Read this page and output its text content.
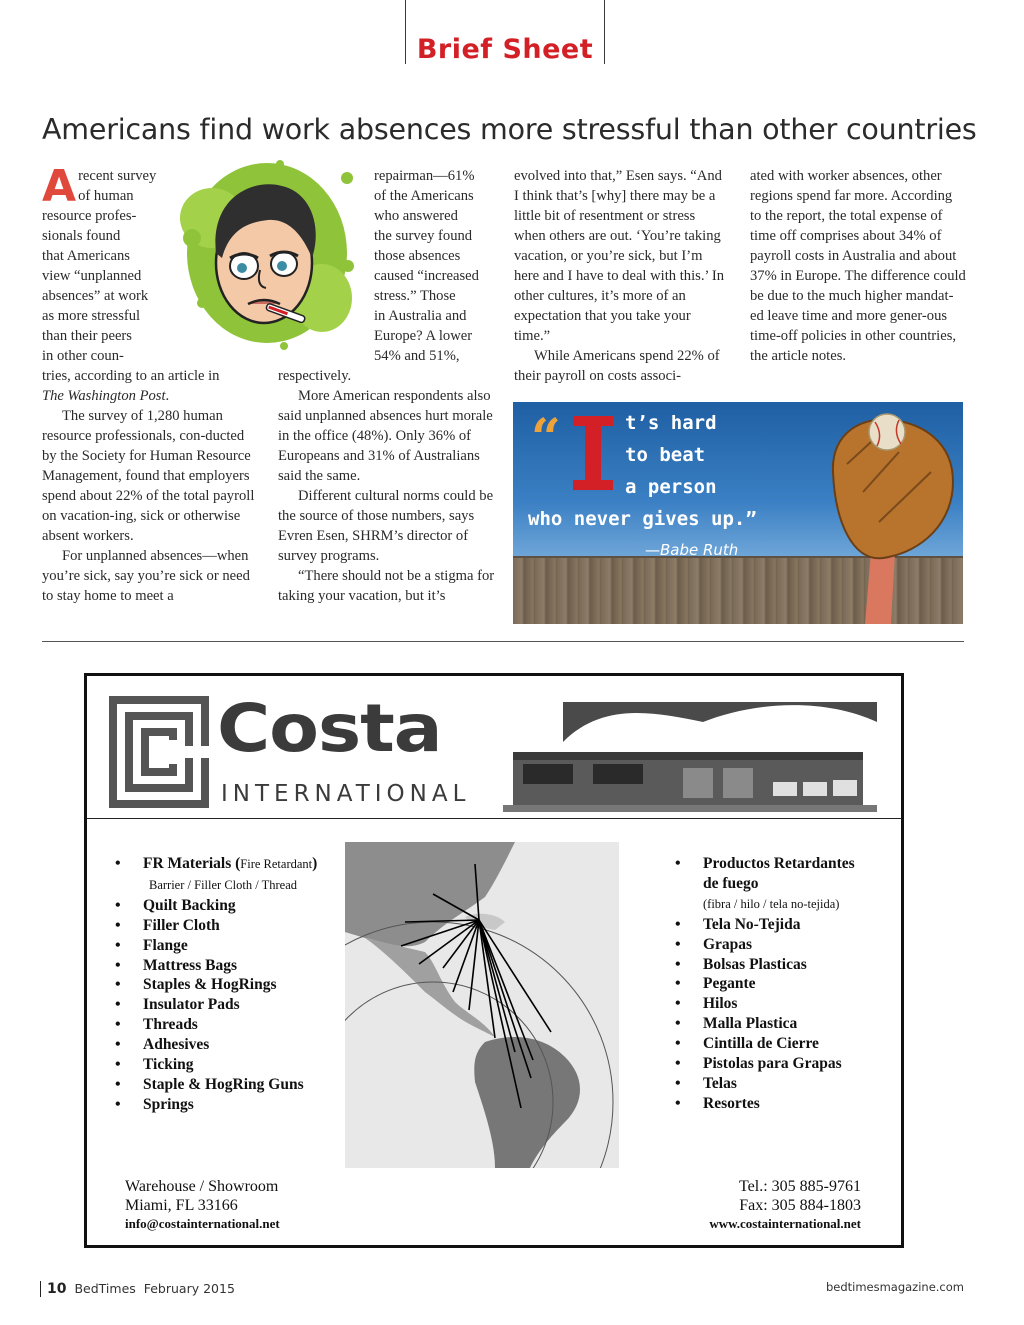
Brief Sheet
Americans find work absences more stressful than other countries
A recent survey
of human
resource profes-
sionals found
that Americans
view “unplanned
absences” at work
as more stressful
than their peers
in other coun-
tries, according to an article in
The Washington Post.

The survey of 1,280 human resource professionals, con-ducted by the Society for Human Resource Management, found that employers spend about 22% of the total payroll on vacation-ing, sick or otherwise absent workers.

For unplanned absences—when you’re sick, say you’re sick or need to stay home to meet a

repairman—61%
of the Americans
who answered
the survey found
those absences
caused “increased
stress.” Those
in Australia and
Europe? A lower
54% and 51%,
respectively.

More American respondents also said unplanned absences hurt morale in the office (48%). Only 36% of Europeans and 31% of Australians said the same.

Different cultural norms could be the source of those numbers, says Evren Esen, SHRM’s director of survey programs.

“There should not be a stigma for taking your vacation, but it’s

evolved into that,” Esen says. “And I think that’s [why] there may be a little bit of resentment or stress when others are out. ‘You’re taking vacation, or you’re sick, but I’m here and I have to deal with this.’ In other cultures, it’s more of an expectation that you take your time.”

While Americans spend 22% of their payroll on costs associ-

ated with worker absences, other regions spend far more. According to the report, the total expense of time off comprises about 34% of payroll costs in Australia and about 37% in Europe. The difference could be due to the much higher mandat-ed leave time and more gener-ous time-off policies in other countries, the article notes.

“	t’s hard
to beat
a person
who never gives up.”
—Babe Ruth
Costa
INTERNATIONAL
• FR Materials (Fire Retardant)
Barrier / Filler Cloth / Thread
• Quilt Backing
• Filler Cloth
• Flange
• Mattress Bags
• Staples & HogRings
• Insulator Pads
• Threads
• Adhesives
• Ticking
• Staple & HogRing Guns
• Springs
• Productos Retardantes
de fuego
(fibra / hilo / tela no-tejida)
• Tela No-Tejida
• Grapas
• Bolsas Plasticas
• Pegante
• Hilos
• Malla Plastica
• Cintilla de Cierre
• Pistolas para Grapas
• Telas
• Resortes
Warehouse / Showroom
Miami, FL 33166
info@costainternational.net
Tel.: 305 885-9761
Fax: 305 884-1803
www.costainternational.net
10 BedTimes February 2015	bedtimesmagazine.com
